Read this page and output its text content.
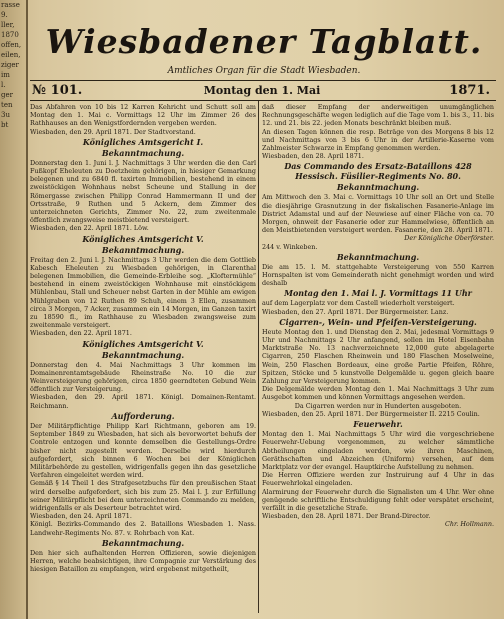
rasse
9.
ller,
1870
offen,
eilen,
ziger
im
l.
ger
ten
3u
bt
Wiesbadener Tagblatt.
Amtliches Organ für die Stadt Wiesbaden.
№ 101.	Montag den 1. Mai	1871.
Das Abfahren von 10 bis 12 Karren Kehricht und Schutt soll am Montag den 1. Mai c. Vormittags 12 Uhr im Zimmer 26 des Rathhauses an den Wenigstfordernden vergeben werden.
Wiesbaden, den 29. April 1871. Der Stadtvorstand.
Königliches Amtsgericht I.
Bekanntmachung.
Donnerstag den 1. Juni l. J. Nachmittags 3 Uhr werden die den Carl Fußkopf Eheleuten zu Doetzheim gehörigen, in hiesiger Gemarkung belegenen und zu 6840 fl. taxirten Immobilien, bestehend in einem zweistöckigen Wohnhaus nebst Scheune und Stallung in der Römergasse zwischen Philipp Conrad Hammermann II und der Ortsstraße, 9 Ruthen und 5 Ackern, dem Zimmer des unterzeichneten Gerichts, Zimmer No. 22, zum zweitenmale öffentlich zwangsweise meistbietend versteigert.
Wiesbaden, den 22. April 1871. Löw.
Königliches Amtsgericht V.
Bekanntmachung.
Freitag den 2. Juni l. J. Nachmittags 3 Uhr werden die dem Gottlieb Kabesch Eheleuten zu Wiesbaden gehörigen, in Clarenthal belegenen Immobilien, die Gemeinde-Erbleihe sog. „Kloftermühle“ bestehend in einem zweistöckigen Wohnhause mit einstöckigem Mühlenbau, Stall und Scheuer nebst Garten in der Mühle am ewigen Mühlgraben von 12 Ruthen 89 Schuh, einem 3 Ellen, zusammen circa 3 Morgen, 7 Acker, zusammen ein 14 Morgen, im Ganzen taxirt zu 18590 fl., im Rathhause zu Wiesbaden zwangsweise zum zweitenmale versteigert.
Wiesbaden, den 22. April 1871.
Königliches Amtsgericht V.
Bekanntmachung.
Donnerstag den 4. Mai Nachmittags 3 Uhr kommen im Domainenrentamtsgebäude Rheinstraße No. 10 die zur Weinversteigerung gehörigen, circa 1850 geerndteten Gebund Wein öffentlich zur Versteigerung.
Wiesbaden, den 29. April 1871. Königl. Domainen-Rentamt. Reichmann.
Aufforderung.
Der Militärpflichtige Philipp Karl Richtmann, geboren am 19. September 1849 zu Wiesbaden, hat sich als bevorwortet behufs der Controle entzogen und konnte demselben die Gestellungs-Ordre bisher nicht zugestellt werden. Derselbe wird hierdurch aufgefordert, sich binnen 6 Wochen bei der Königlichen Militärbehörde zu gestellen, widrigenfalls gegen ihn das gesetzliche Verfahren eingeleitet werden wird.
Gemäß § 14 Theil 1 des Strafgesetzbuchs für den preußischen Staat wird derselbe aufgefordert, sich bis zum 25. Mai l. J. zur Erfüllung seiner Militärpflicht bei dem unterzeichneten Commando zu melden, widrigenfalls er als Deserteur betrachtet wird.
Wiesbaden, den 24. April 1871.
Königl. Bezirks-Commando des 2. Bataillons Wiesbaden 1. Nass. Landwehr-Regiments No. 87. v. Rohrbach von Kat.
Bekanntmachung.
Den hier sich aufhaltenden Herren Offizieren, sowie diejenigen Herren, welche beabsichtigen, ihre Compagnie zur Verstärkung des hiesigen Bataillon zu empfangen, wird ergebenst mitgetheilt,
daß dieser Empfang der anderweitigen unumgänglichen Rechnungsgeschäfte wegen lediglich auf die Tage vom 1. bis 3., 11. bis 12. und 21. bis 22. jeden Monats beschränkt bleiben muß.
An diesen Tagen können die resp. Beträge von des Morgens 8 bis 12 und Nachmittags von 3 bis 6 Uhr in der Artillerie-Kaserne vom Zahlmeister Schwarze in Empfang genommen werden.
Wiesbaden, den 28. April 1871.
Das Commando des Ersatz-Bataillons 428 Hessisch. Füsilier-Regiments No. 80.
Bekanntmachung.
Am Mittwoch den 3. Mai c. Vormittags 10 Uhr soll an Ort und Stelle die diesjährige Grasnutzung in der fiskalischen Fasanerie-Anlage im District Adamstal und auf der Neuwiese auf einer Fläche von ca. 70 Morgen, ohnweit der Fasanerie oder zur Hammelwiese, öffentlich an den Meistbietenden versteigert werden. Fasanerie, den 28. April 1871.
Der Königliche Oberförster.
244 v. Winkeben.
Bekanntmachung.
Die am 15. l. M. stattgehabte Versteigerung von 550 Karren Hornspalten ist vom Gemeinderath nicht genehmigt worden und wird deshalb
Montag den 1. Mai l. J. Vormittags 11 Uhr
auf dem Lagerplatz vor dem Castell wiederholt versteigert.
Wiesbaden, den 27. April 1871. Der Bürgermeister. Lanz.
Cigarren-, Wein- und Pfeifen-Versteigerung.
Heute Montag den 1. und Dienstag den 2. Mai, jedesmal Vormittags 9 Uhr und Nachmittags 2 Uhr anfangend, sollen im Hotel Eisenbahn Marktstraße No. 13 nachverzeichnete 12,000 gute abgelagerte Cigarren, 250 Flaschen Rheinwein und 180 Flaschen Moselweine, Wein, 250 Flaschen Bordeaux, eine große Partie Pfeifen, Röhre, Spitzen, Stöcke und 5 kunstvolle Delgemälde u. gegen gleich baare Zahlung zur Versteigerung kommen.
Die Delgemälde werden Montag den 1. Mai Nachmittags 3 Uhr zum Ausgebot kommen und können Vormittags angesehen werden.
Da Cigarren werden nur in Hunderten ausgeboten.
Wiesbaden, den 25. April 1871. Der Bürgermeister II. 2215 Coulin.
Feuerwehr.
Montag den 1. Mai Nachmittags 5 Uhr wird die vorgeschriebene Feuerwehr-Uebung vorgenommen, zu welcher sämmtliche Abtheilungen eingeladen werden, wie ihren Maschinen, Geräthschaften und Abzeichen (Uniform) versehen, auf dem Marktplatz vor der evangel. Hauptkirche Aufstellung zu nehmen.
Die Herren Offiziere werden zur Instruirung auf 4 Uhr in das Feuerwehrlokal eingeladen.
Alarmirung der Feuerwehr durch die Signalisten um 4 Uhr. Wer ohne genügende schriftliche Entschuldigung fehlt oder verspätet erscheint, verfällt in die gesetzliche Strafe.
Wiesbaden, den 28. April 1871. Der Brand-Director.
Chr. Hollmann.
